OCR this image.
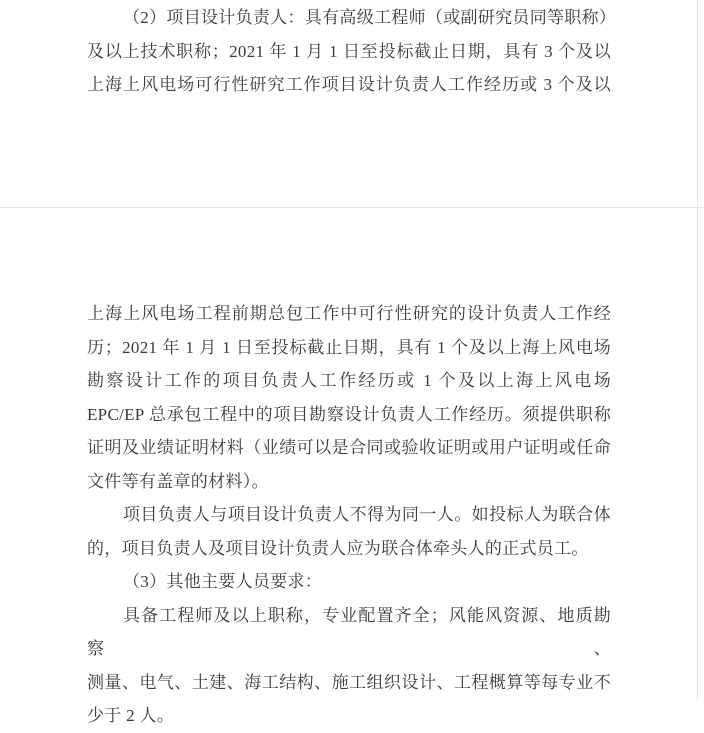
（2）项目设计负责人：具有高级工程师（或副研究员同等职称）
及以上技术职称；2021 年 1 月 1 日至投标截止日期，具有 3 个及以
上海上风电场可行性研究工作项目设计负责人工作经历或 3 个及以
上海上风电场工程前期总包工作中可行性研究的设计负责人工作经
历；2021 年 1 月 1 日至投标截止日期，具有 1 个及以上海上风电场
勘察设计工作的项目负责人工作经历或 1 个及以上海上风电场
EPC/EP 总承包工程中的项目勘察设计负责人工作经历。须提供职称
证明及业绩证明材料（业绩可以是合同或验收证明或用户证明或任命
文件等有盖章的材料）。
项目负责人与项目设计负责人不得为同一人。如投标人为联合体
的，项目负责人及项目设计负责人应为联合体牵头人的正式员工。
（3）其他主要人员要求：
具备工程师及以上职称，专业配置齐全；风能风资源、地质勘察、
测量、电气、土建、海工结构、施工组织设计、工程概算等每专业不
少于 2 人。
